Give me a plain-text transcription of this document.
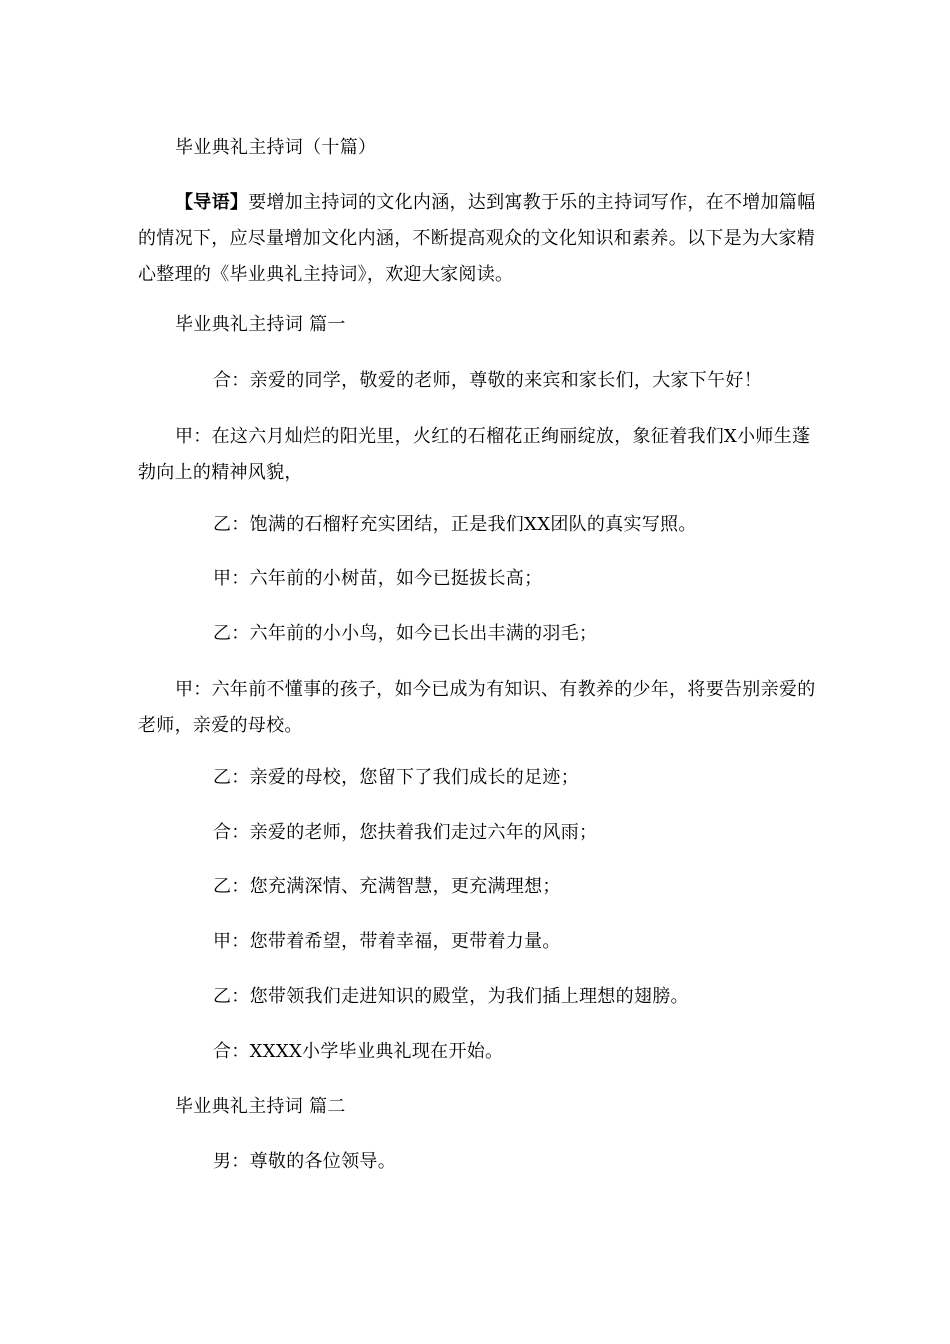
毕业典礼主持词（十篇）
【导语】要增加主持词的文化内涵，达到寓教于乐的主持词写作，在不增加篇幅的情况下，应尽量增加文化内涵，不断提高观众的文化知识和素养。以下是为大家精心整理的《毕业典礼主持词》，欢迎大家阅读。
毕业典礼主持词 篇一
合：亲爱的同学，敬爱的老师，尊敬的来宾和家长们，大家下午好！
甲：在这六月灿烂的阳光里，火红的石榴花正绚丽绽放，象征着我们X小师生蓬勃向上的精神风貌，
乙：饱满的石榴籽充实团结，正是我们XX团队的真实写照。
甲：六年前的小树苗，如今已挺拔长高；
乙：六年前的小小鸟，如今已长出丰满的羽毛；
甲：六年前不懂事的孩子，如今已成为有知识、有教养的少年，将要告别亲爱的老师，亲爱的母校。
乙：亲爱的母校，您留下了我们成长的足迹；
合：亲爱的老师，您扶着我们走过六年的风雨；
乙：您充满深情、充满智慧，更充满理想；
甲：您带着希望，带着幸福，更带着力量。
乙：您带领我们走进知识的殿堂，为我们插上理想的翅膀。
合：XXXX小学毕业典礼现在开始。
毕业典礼主持词 篇二
男：尊敬的各位领导。
